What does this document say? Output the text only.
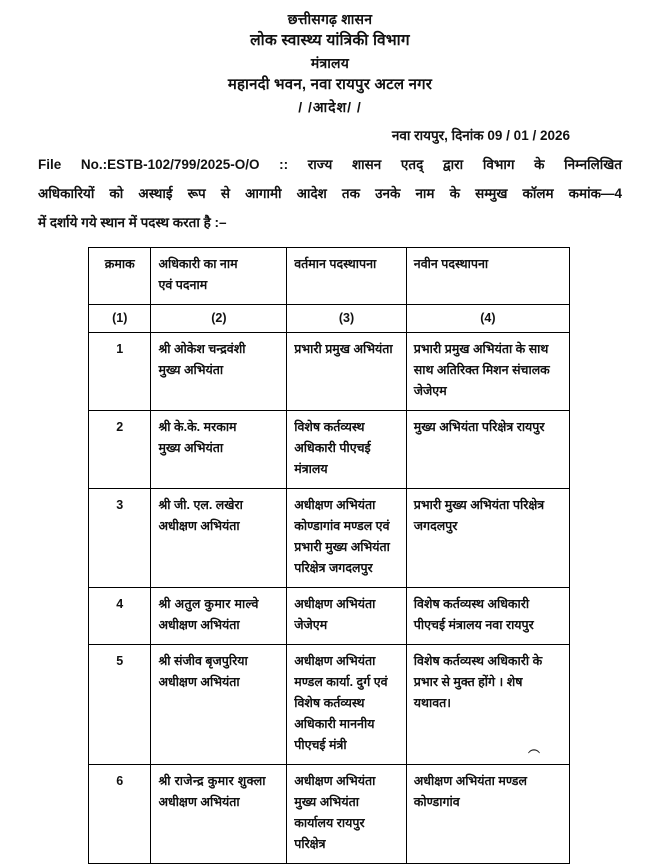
छत्तीसगढ़ शासन
लोक स्वास्थ्य यांत्रिकी विभाग
मंत्रालय
महानदी भवन, नवा रायपुर अटल नगर
/ /आदेश/ /
नवा रायपुर, दिनांक 09 / 01 / 2026
File No.:ESTB-102/799/2025-O/O :: राज्य शासन एतद् द्वारा विभाग के निम्नलिखित
अधिकारियों को अस्थाई रूप से आगामी आदेश तक उनके नाम के सम्मुख कॉलम कमांक—4
में दर्शाये गये स्थान में पदस्थ करता है :–
क्रमाक	अधिकारी का नाम
एवं पदनाम	वर्तमान पदस्थापना	नवीन पदस्थापना
(1)	(2)	(3)	(4)
1	श्री ओकेश चन्द्रवंशी
मुख्य अभियंता	प्रभारी प्रमुख अभियंता	प्रभारी प्रमुख अभियंता के साथ साथ अतिरिक्त मिशन संचालक जेजेएम
2	श्री के.के. मरकाम
मुख्य अभियंता	विशेष कर्तव्यस्थ अधिकारी पीएचई मंत्रालय	मुख्य अभियंता परिक्षेत्र रायपुर
3	श्री जी. एल. लखेरा
अधीक्षण अभियंता	अधीक्षण अभियंता कोण्डागांव मण्डल एवं प्रभारी मुख्य अभियंता परिक्षेत्र जगदलपुर	प्रभारी मुख्य अभियंता परिक्षेत्र जगदलपुर
4	श्री अतुल कुमार माल्वे
अधीक्षण अभियंता	अधीक्षण अभियंता जेजेएम	विशेष कर्तव्यस्थ अधिकारी पीएचई मंत्रालय नवा रायपुर
5	श्री संजीव बृजपुरिया
अधीक्षण अभियंता	अधीक्षण अभियंता मण्डल कार्या. दुर्ग एवं विशेष कर्तव्यस्थ अधिकारी माननीय पीएचई मंत्री	विशेष कर्तव्यस्थ अधिकारी के प्रभार से मुक्त होंगे । शेष यथावत।
6	श्री राजेन्द्र कुमार शुक्ला
अधीक्षण अभियंता	अधीक्षण अभियंता मुख्य अभियंता कार्यालय रायपुर परिक्षेत्र	अधीक्षण अभियंता मण्डल कोण्डागांव
︵
